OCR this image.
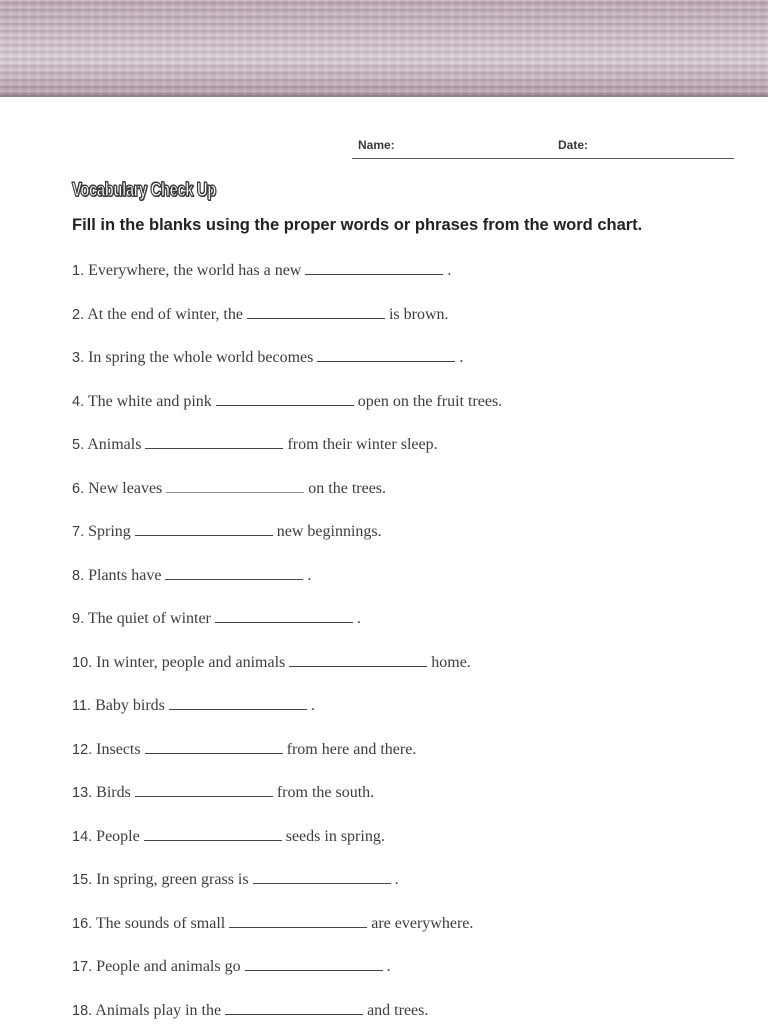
Name:	Date:
Vocabulary Check Up
Fill in the blanks using the proper words or phrases from the word chart.
1. Everywhere, the world has a new	.
2. At the end of winter, the	is brown.
3. In spring the whole world becomes	.
4. The white and pink	open on the fruit trees.
5. Animals	from their winter sleep.
6. New leaves	on the trees.
7. Spring	new beginnings.
8. Plants have	.
9. The quiet of winter	.
10. In winter, people and animals	home.
11. Baby birds	.
12. Insects	from here and there.
13. Birds	from the south.
14. People	seeds in spring.
15. In spring, green grass is	.
16. The sounds of small	are everywhere.
17. People and animals go	.
18. Animals play in the	and trees.
